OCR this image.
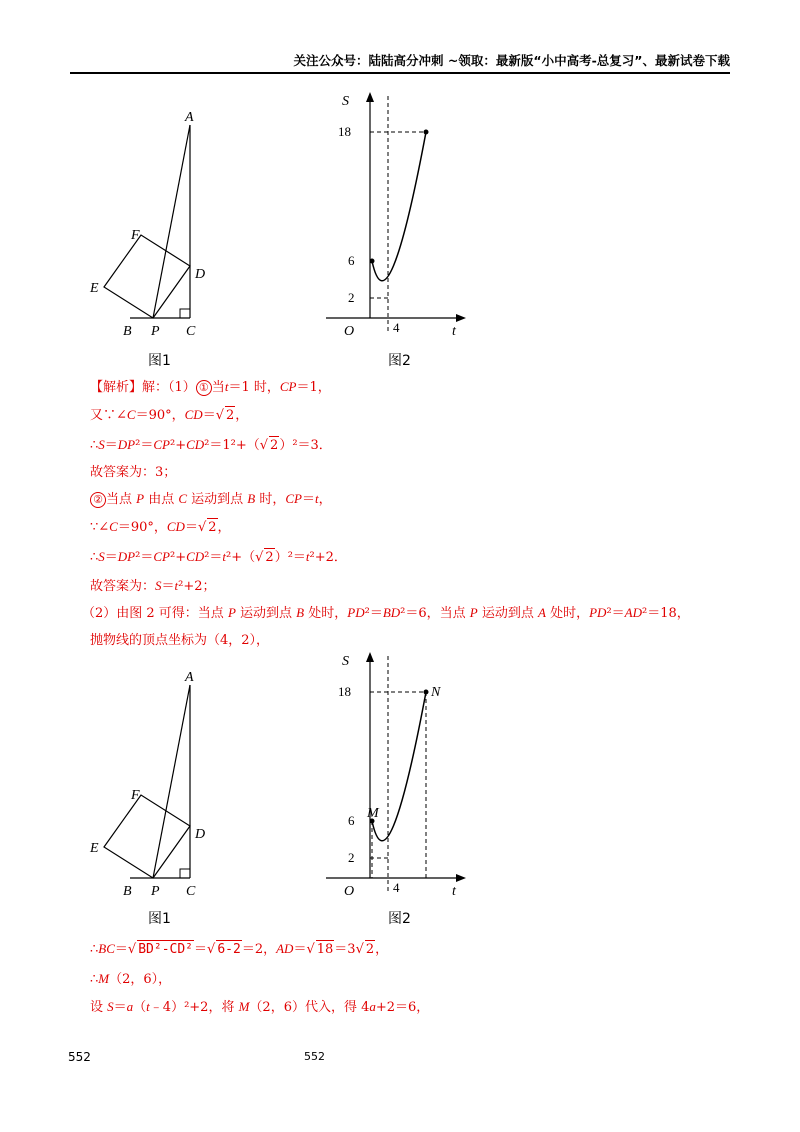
关注公众号：陆陆高分冲刺 ~领取：最新版“小中高考-总复习”、最新试卷下载
A
F
D
E
B P C
图1
S
18
6
2
4
O	t
图2
【解析】解：（1） ① 当t＝1 时，CP＝1，
又∵∠C＝90°，CD＝√ 2，
∴S＝DP²＝CP²+CD²＝1²+（√ 2）²＝3．
故答案为：3；
② 当点 P 由点 C 运动到点 B 时，CP＝t，
∵∠C＝90°，CD＝√ 2，
∴S＝DP²＝CP²+CD²＝t²+（√ 2）²＝t²+2．
故答案为：S＝t²+2；
（2）由图 2 可得：当点 P 运动到点 B 处时，PD²＝BD²＝6，当点 P 运动到点 A 处时，PD²＝AD²＝18，
抛物线的顶点坐标为（4，2），
A
F
D
E
B P C
图1
S
18
6
2
4
O	t
M
N
图2
∴BC＝√ BD²-CD²＝√ 6-2＝2，AD＝√ 18＝3√ 2，
∴M（2，6），
设 S＝a（t﹣4）²+2，将 M（2，6）代入，得 4a+2＝6，
552	552
